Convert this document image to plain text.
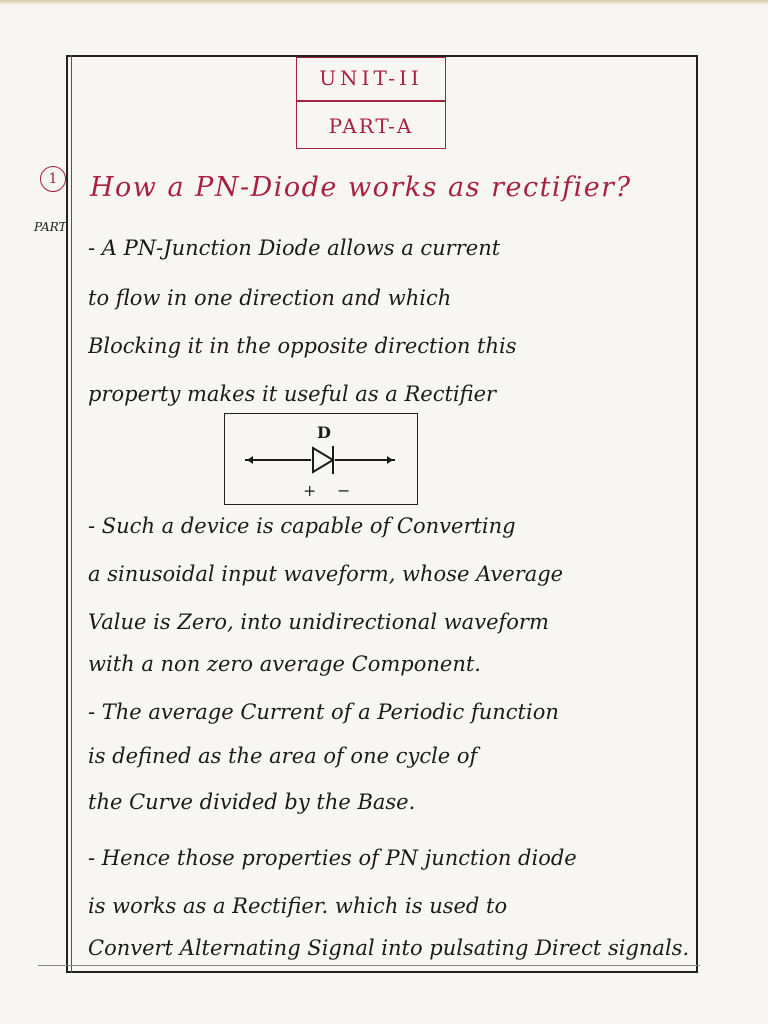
UNIT-II
PART-A
1	How a PN-Diode works as rectifier?
PART
- A PN-Junction Diode allows a current
to flow in one direction and which
Blocking it in the opposite direction this
property makes it useful as a Rectifier
D
+ −
- Such a device is capable of Converting
a sinusoidal input waveform, whose Average
Value is Zero, into unidirectional waveform
with a non zero average Component.
- The average Current of a Periodic function
is defined as the area of one cycle of
the Curve divided by the Base.
- Hence those properties of PN junction diode
is works as a Rectifier. which is used to
Convert Alternating Signal into pulsating Direct signals.
